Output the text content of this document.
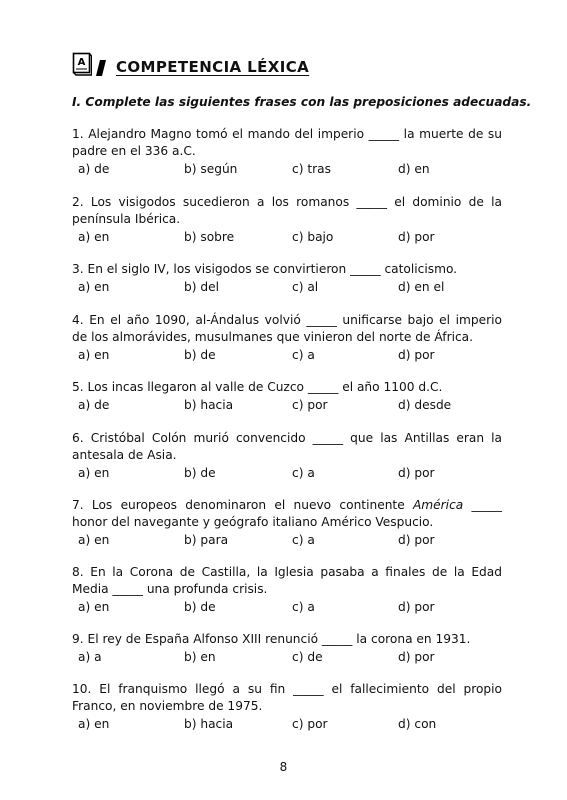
A COMPETENCIA LÉXICA
I. Complete las siguientes frases con las preposiciones adecuadas.
1. Alejandro Magno tomó el mando del imperio _____ la muerte de su padre en el 336 a.C.
a) de	b) según	c) tras	d) en
2. Los visigodos sucedieron a los romanos _____ el dominio de la península Ibérica.
a) en	b) sobre	c) bajo	d) por
3. En el siglo IV, los visigodos se convirtieron _____ catolicismo.
a) en	b) del	c) al	d) en el
4. En el año 1090, al-Ándalus volvió _____ unificarse bajo el imperio de los almorávides, musulmanes que vinieron del norte de África.
a) en	b) de	c) a	d) por
5. Los incas llegaron al valle de Cuzco _____ el año 1100 d.C.
a) de	b) hacia	c) por	d) desde
6. Cristóbal Colón murió convencido _____ que las Antillas eran la antesala de Asia.
a) en	b) de	c) a	d) por
7. Los europeos denominaron el nuevo continente América _____ honor del navegante y geógrafo italiano Américo Vespucio.
a) en	b) para	c) a	d) por
8. En la Corona de Castilla, la Iglesia pasaba a finales de la Edad Media _____ una profunda crisis.
a) en	b) de	c) a	d) por
9. El rey de España Alfonso XIII renunció _____ la corona en 1931.
a) a	b) en	c) de	d) por
10. El franquismo llegó a su fin _____ el fallecimiento del propio Franco, en noviembre de 1975.
a) en	b) hacia	c) por	d) con
8
